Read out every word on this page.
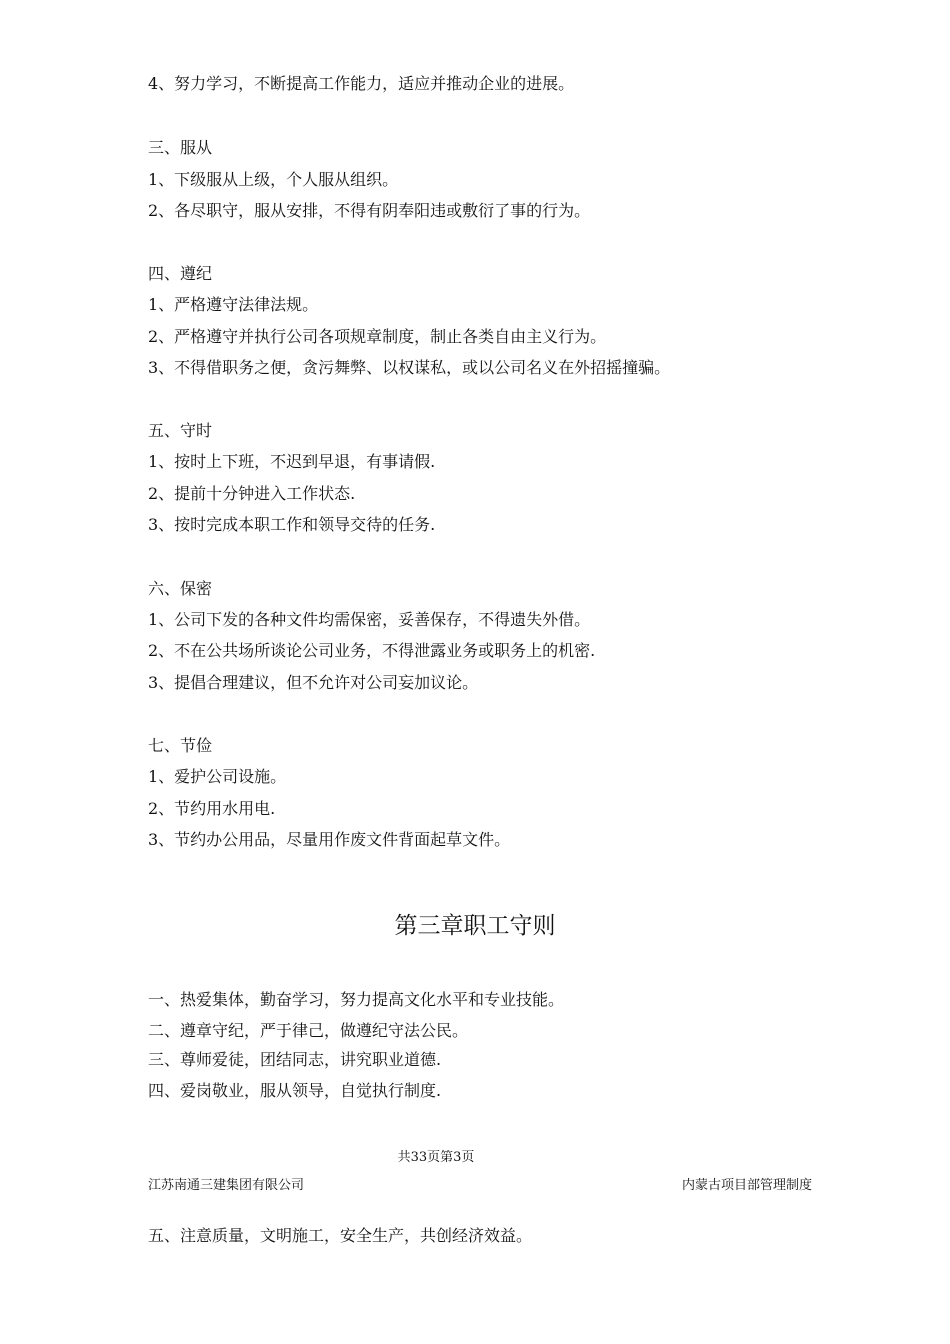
4、努力学习，不断提高工作能力，适应并推动企业的进展。
三、服从
1、下级服从上级，个人服从组织。
2、各尽职守，服从安排，不得有阴奉阳违或敷衍了事的行为。
四、遵纪
1、严格遵守法律法规。
2、严格遵守并执行公司各项规章制度，制止各类自由主义行为。
3、不得借职务之便，贪污舞弊、以权谋私，或以公司名义在外招摇撞骗。
五、守时
1、按时上下班，不迟到早退，有事请假.
2、提前十分钟进入工作状态.
3、按时完成本职工作和领导交待的任务.
六、保密
1、公司下发的各种文件均需保密，妥善保存，不得遗失外借。
2、不在公共场所谈论公司业务，不得泄露业务或职务上的机密.
3、提倡合理建议，但不允许对公司妄加议论。
七、节俭
1、爱护公司设施。
2、节约用水用电.
3、节约办公用品，尽量用作废文件背面起草文件。
第三章职工守则
一、热爱集体，勤奋学习，努力提高文化水平和专业技能。
二、遵章守纪，严于律己，做遵纪守法公民。
三、尊师爱徒，团结同志，讲究职业道德.
四、爱岗敬业，服从领导，自觉执行制度.
共33页第3页
江苏南通三建集团有限公司	内蒙古项目部管理制度
五、注意质量，文明施工，安全生产，共创经济效益。
